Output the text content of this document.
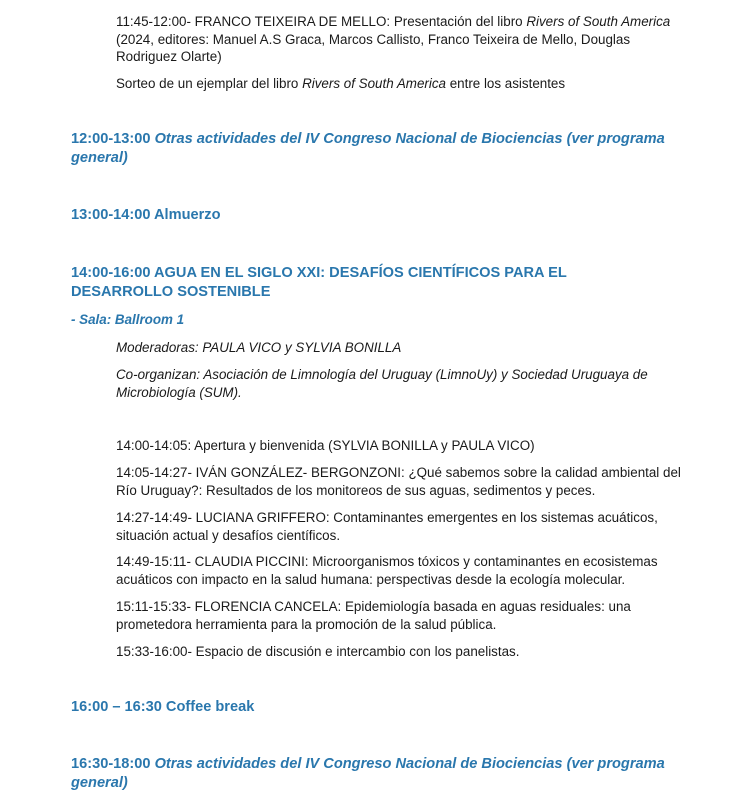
11:45-12:00- FRANCO TEIXEIRA DE MELLO: Presentación del libro Rivers of South America (2024, editores: Manuel A.S Graca, Marcos Callisto, Franco Teixeira de Mello, Douglas Rodriguez Olarte)

Sorteo de un ejemplar del libro Rivers of South America entre los asistentes

12:00-13:00 Otras actividades del IV Congreso Nacional de Biociencias (ver programa general)

13:00-14:00 Almuerzo

14:00-16:00 AGUA EN EL SIGLO XXI: DESAFÍOS CIENTÍFICOS PARA EL DESARROLLO SOSTENIBLE

- Sala: Ballroom 1

Moderadoras: PAULA VICO y SYLVIA BONILLA

Co-organizan: Asociación de Limnología del Uruguay (LimnoUy) y Sociedad Uruguaya de Microbiología (SUM).

14:00-14:05: Apertura y bienvenida (SYLVIA BONILLA y PAULA VICO)

14:05-14:27- IVÁN GONZÁLEZ- BERGONZONI: ¿Qué sabemos sobre la calidad ambiental del Río Uruguay?: Resultados de los monitoreos de sus aguas, sedimentos y peces.

14:27-14:49- LUCIANA GRIFFERO: Contaminantes emergentes en los sistemas acuáticos, situación actual y desafíos científicos.

14:49-15:11- CLAUDIA PICCINI: Microorganismos tóxicos y contaminantes en ecosistemas acuáticos con impacto en la salud humana: perspectivas desde la ecología molecular.

15:11-15:33- FLORENCIA CANCELA: Epidemiología basada en aguas residuales: una prometedora herramienta para la promoción de la salud pública.

15:33-16:00- Espacio de discusión e intercambio con los panelistas.

16:00 – 16:30 Coffee break

16:30-18:00 Otras actividades del IV Congreso Nacional de Biociencias (ver programa general)
